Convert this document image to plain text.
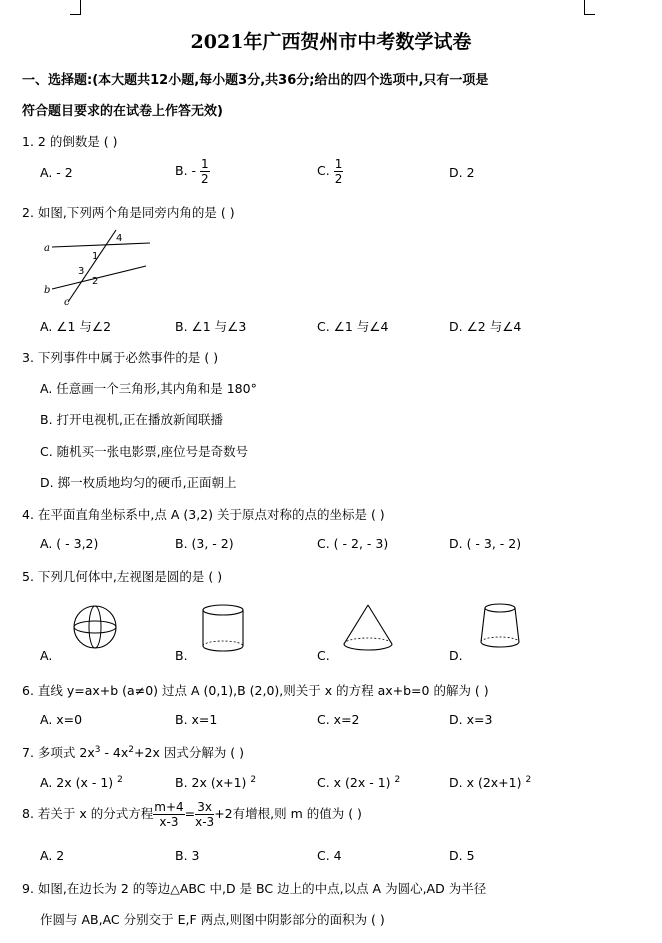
2021年广西贺州市中考数学试卷
一、选择题:(本大题共12小题,每小题3分,共36分;给出的四个选项中,只有一项是
符合题目要求的在试卷上作答无效)
1. 2 的倒数是 ( )
A. - 2	B. - $\frac{1}{2}$	C. $\frac{1}{2}$	D. 2
2. 如图,下列两个角是同旁内角的是 ( )
a
b
c
1
2
3
4
A. ∠1 与∠2	B. ∠1 与∠3	C. ∠1 与∠4	D. ∠2 与∠4
3. 下列事件中属于必然事件的是 ( )
A. 任意画一个三角形,其内角和是 180°
B. 打开电视机,正在播放新闻联播
C. 随机买一张电影票,座位号是奇数号
D. 掷一枚质地均匀的硬币,正面朝上
4. 在平面直角坐标系中,点 A (3,2) 关于原点对称的点的坐标是 ( )
A. ( - 3,2)	B. (3, - 2)	C. ( - 2, - 3)	D. ( - 3, - 2)
5. 下列几何体中,左视图是圆的是 ( )
A.	B.	C.	D.
6. 直线 y=ax+b (a≠0) 过点 A (0,1),B (2,0),则关于 x 的方程 ax+b=0 的解为 ( )
A. x=0	B. x=1	C. x=2	D. x=3
7. 多项式 $2x^3 - 4x^2+2x$ 因式分解为 ( )
A. 2x (x - 1) $^2$	B. 2x (x+1) $^2$	C. x (2x - 1) $^2$	D. x (2x+1) $^2$
8. 若关于 x 的分式方程 $\frac{m+4}{x-3} = \frac{3x}{x-3} +2$有增根,则 m 的值为 ( )
A. 2	B. 3	C. 4	D. 5
9. 如图,在边长为 2 的等边△ABC 中,D 是 BC 边上的中点,以点 A 为圆心,AD 为半径
作圆与 AB,AC 分别交于 E,F 两点,则图中阴影部分的面积为 ( )
